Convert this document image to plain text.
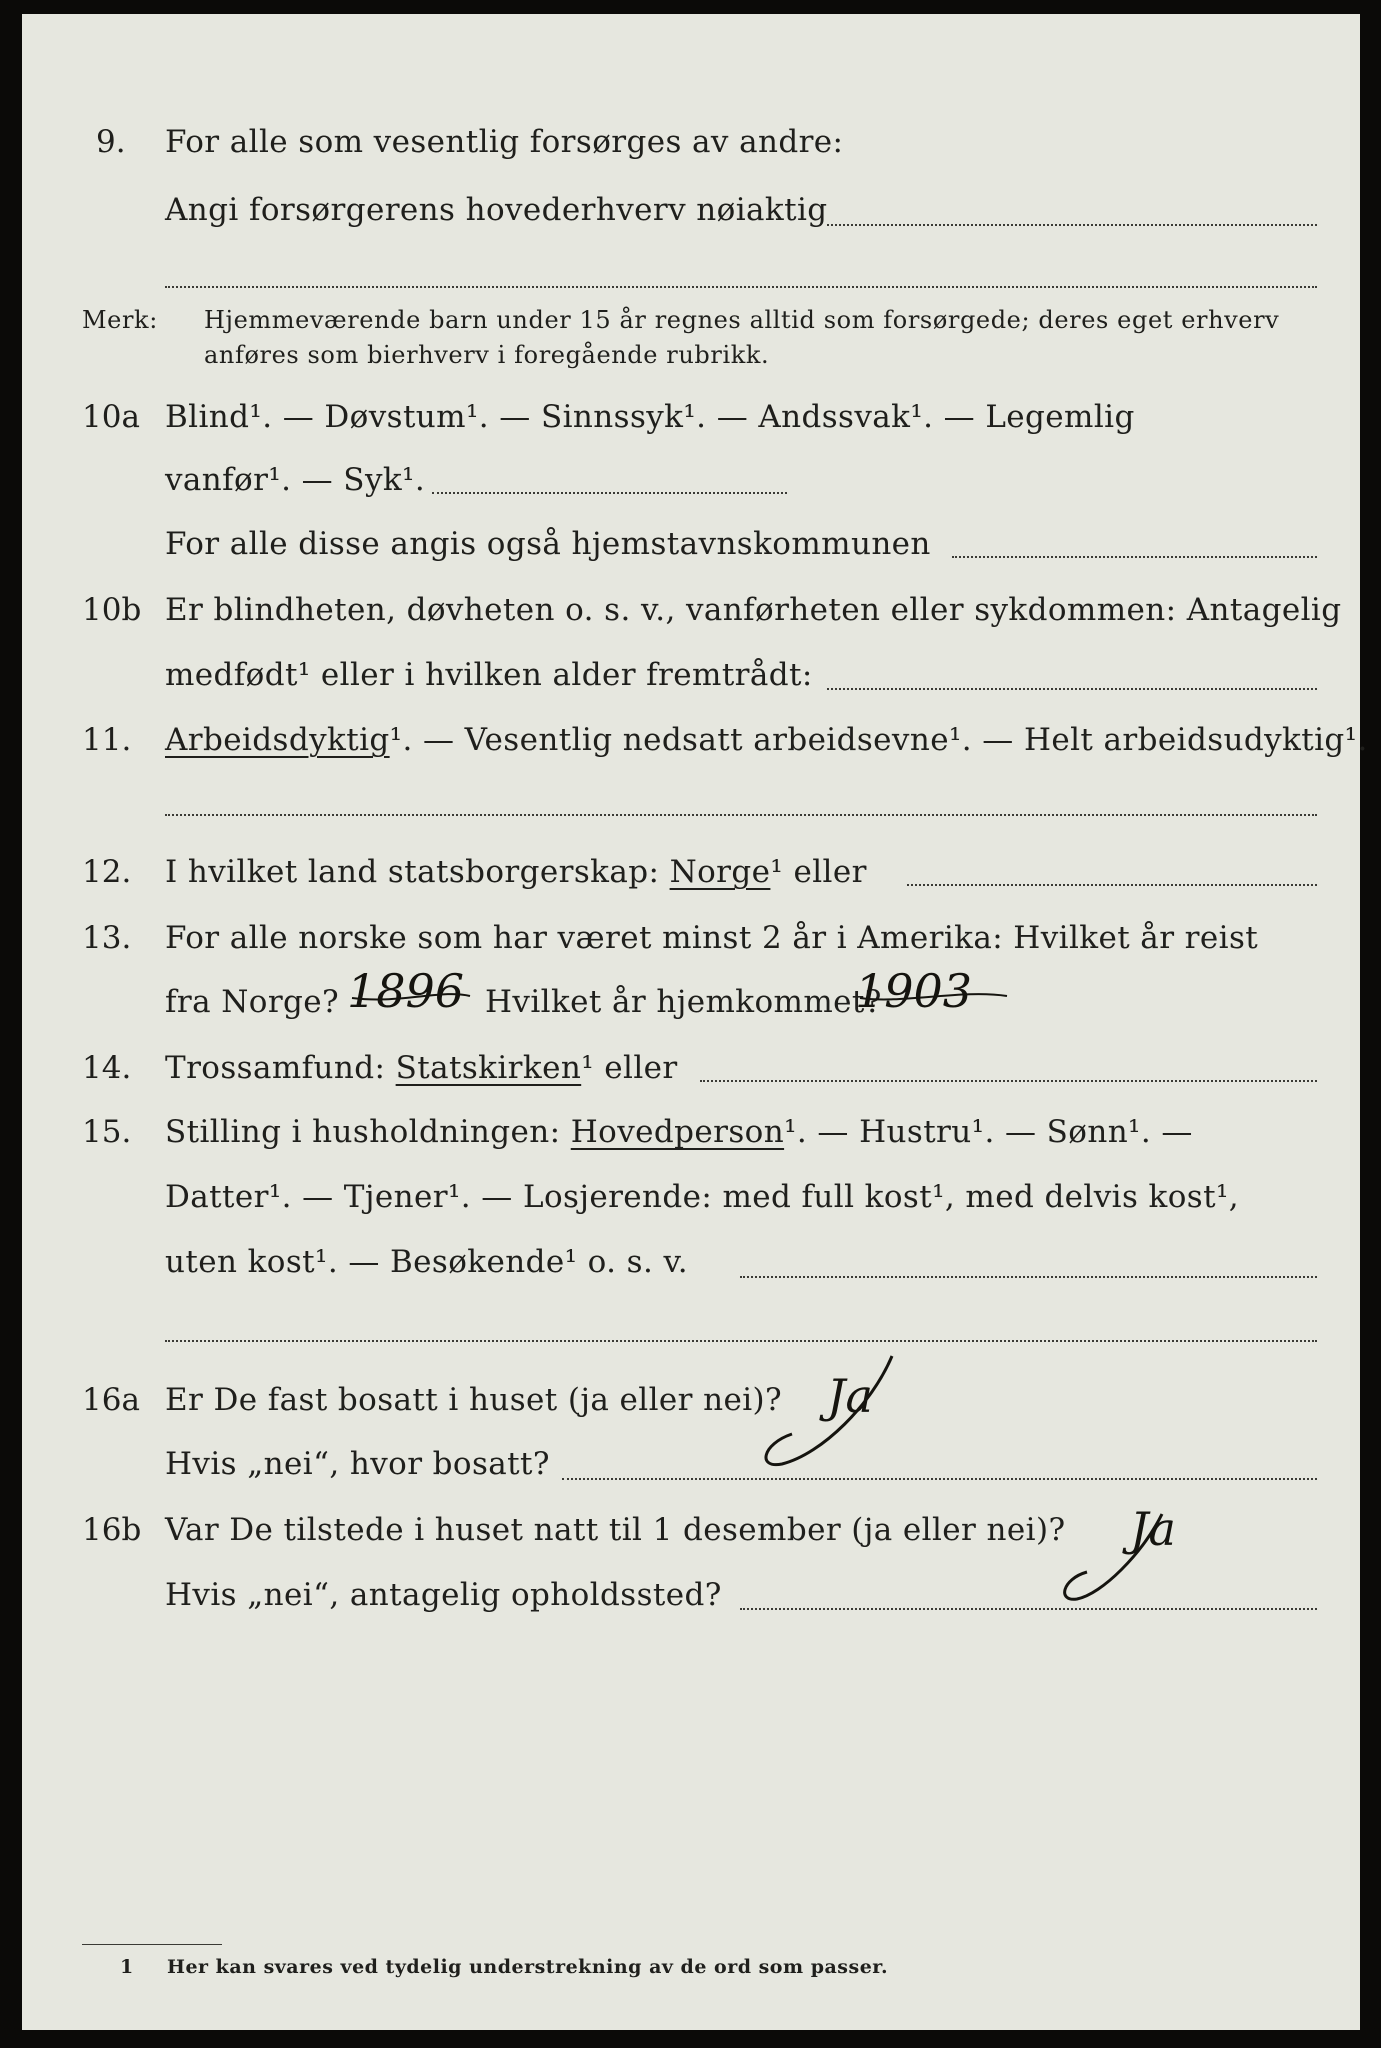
9. For alle som vesentlig forsørges av andre:
Angi forsørgerens hovederhverv nøiaktig
Merk: Hjemmeværende barn under 15 år regnes alltid som forsørgede; deres eget erhverv
anføres som bierhverv i foregående rubrikk.
10a Blind¹. — Døvstum¹. — Sinnssyk¹. — Andssvak¹. — Legemlig
vanfør¹. — Syk¹.
For alle disse angis også hjemstavnskommunen
10b Er blindheten, døvheten o. s. v., vanførheten eller sykdommen: Antagelig
medfødt¹ eller i hvilken alder fremtrådt:
11. Arbeidsdyktig¹. — Vesentlig nedsatt arbeidsevne¹. — Helt arbeidsudyktig¹.
12. I hvilket land statsborgerskap: Norge¹ eller
13. For alle norske som har været minst 2 år i Amerika: Hvilket år reist
fra Norge? 1896 Hvilket år hjemkommet?
1903
14. Trossamfund: Statskirken¹ eller
15. Stilling i husholdningen: Hovedperson¹. — Hustru¹. — Sønn¹. —
Datter¹. — Tjener¹. — Losjerende: med full kost¹, med delvis kost¹,
uten kost¹. — Besøkende¹ o. s. v.
16a Er De fast bosatt i huset (ja eller nei)? Ja
Hvis „nei“, hvor bosatt?
16b Var De tilstede i huset natt til 1 desember (ja eller nei)? Ja
Hvis „nei“, antagelig opholdssted?
1 Her kan svares ved tydelig understrekning av de ord som passer.
